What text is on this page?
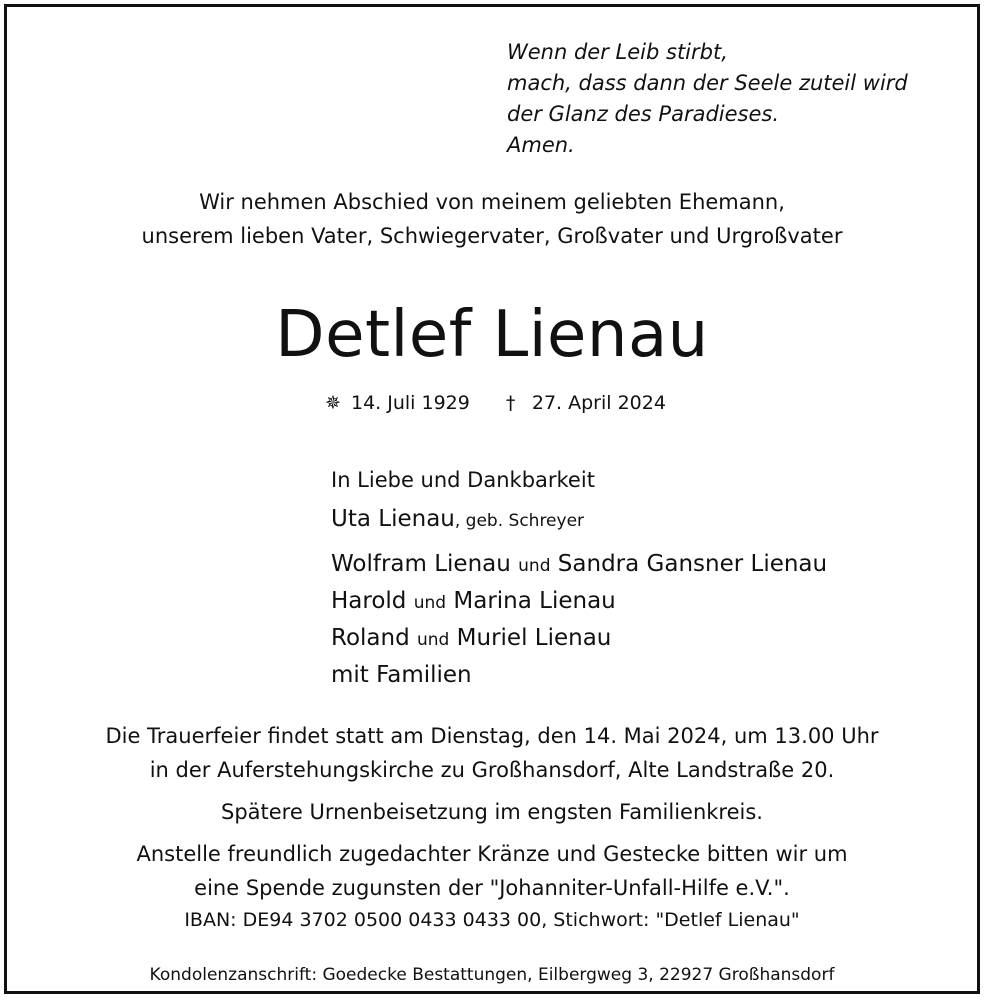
Wenn der Leib stirbt,
mach, dass dann der Seele zuteil wird
der Glanz des Paradieses.
Amen.
Wir nehmen Abschied von meinem geliebten Ehemann,
unserem lieben Vater, Schwiegervater, Großvater und Urgroßvater
Detlef Lienau
✵ 14. Juli 1929 † 27. April 2024
In Liebe und Dankbarkeit
Uta Lienau, geb. Schreyer
Wolfram Lienau und Sandra Gansner Lienau
Harold und Marina Lienau
Roland und Muriel Lienau
mit Familien

Die Trauerfeier findet statt am Dienstag, den 14. Mai 2024, um 13.00 Uhr

in der Auferstehungskirche zu Großhansdorf, Alte Landstraße 20.

Spätere Urnenbeisetzung im engsten Familienkreis.

Anstelle freundlich zugedachter Kränze und Gestecke bitten wir um

eine Spende zugunsten der "Johanniter-Unfall-Hilfe e.V.".

IBAN: DE94 3702 0500 0433 0433 00, Stichwort: "Detlef Lienau"
Kondolenzanschrift: Goedecke Bestattungen, Eilbergweg 3, 22927 Großhansdorf
